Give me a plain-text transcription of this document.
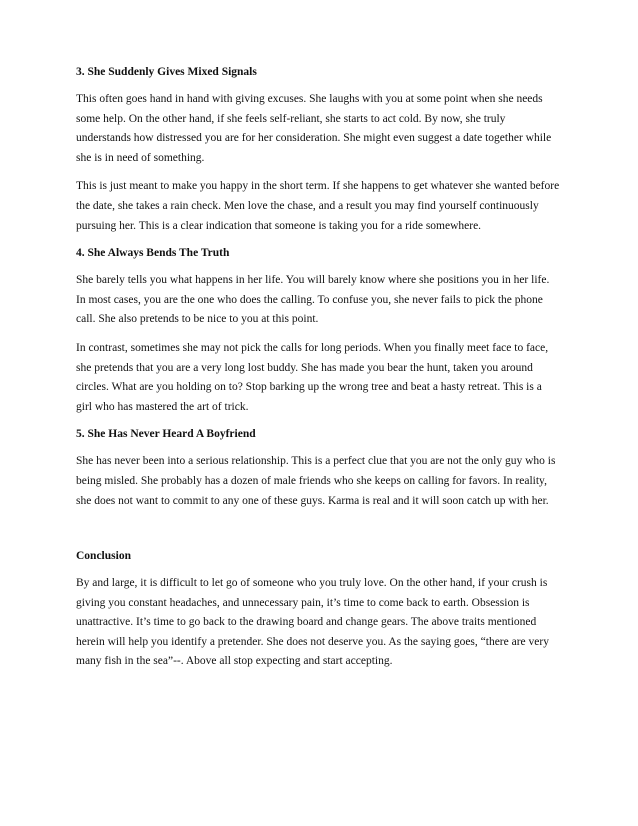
3. She Suddenly Gives Mixed Signals

This often goes hand in hand with giving excuses. She laughs with you at some point when she needs some help. On the other hand, if she feels self-reliant, she starts to act cold. By now, she truly understands how distressed you are for her consideration. She might even suggest a date together while she is in need of something.

This is just meant to make you happy in the short term. If she happens to get whatever she wanted before the date, she takes a rain check. Men love the chase, and a result you may find yourself continuously pursuing her. This is a clear indication that someone is taking you for a ride somewhere.

4. She Always Bends The Truth

She barely tells you what happens in her life. You will barely know where she positions you in her life. In most cases, you are the one who does the calling. To confuse you, she never fails to pick the phone call. She also pretends to be nice to you at this point.

In contrast, sometimes she may not pick the calls for long periods. When you finally meet face to face, she pretends that you are a very long lost buddy. She has made you bear the hunt, taken you around circles. What are you holding on to? Stop barking up the wrong tree and beat a hasty retreat. This is a girl who has mastered the art of trick.

5. She Has Never Heard A Boyfriend

She has never been into a serious relationship. This is a perfect clue that you are not the only guy who is being misled. She probably has a dozen of male friends who she keeps on calling for favors. In reality, she does not want to commit to any one of these guys. Karma is real and it will soon catch up with her.

Conclusion

By and large, it is difficult to let go of someone who you truly love. On the other hand, if your crush is giving you constant headaches, and unnecessary pain, it’s time to come back to earth. Obsession is unattractive. It’s time to go back to the drawing board and change gears. The above traits mentioned herein will help you identify a pretender. She does not deserve you. As the saying goes, “there are very many fish in the sea”--. Above all stop expecting and start accepting.
